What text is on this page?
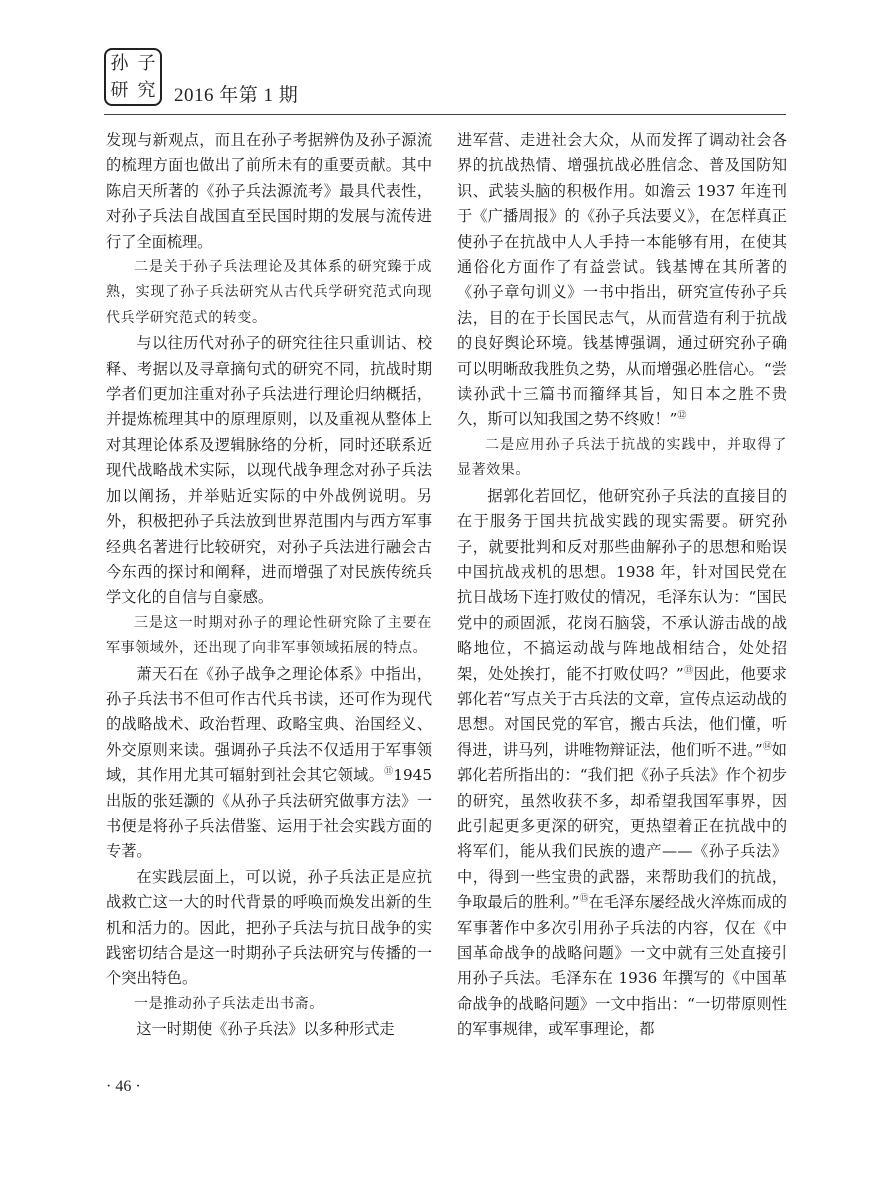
孙 子
研 究 2016 年第 1 期

发现与新观点，而且在孙子考据辨伪及孙子源流的梳理方面也做出了前所未有的重要贡献。其中陈启天所著的《孙子兵法源流考》最具代表性，对孙子兵法自战国直至民国时期的发展与流传进行了全面梳理。

二是关于孙子兵法理论及其体系的研究臻于成熟，实现了孙子兵法研究从古代兵学研究范式向现代兵学研究范式的转变。

与以往历代对孙子的研究往往只重训诂、校释、考据以及寻章摘句式的研究不同，抗战时期学者们更加注重对孙子兵法进行理论归纳概括，并提炼梳理其中的原理原则，以及重视从整体上对其理论体系及逻辑脉络的分析，同时还联系近现代战略战术实际，以现代战争理念对孙子兵法加以阐扬，并举贴近实际的中外战例说明。另外，积极把孙子兵法放到世界范围内与西方军事经典名著进行比较研究，对孙子兵法进行融会古今东西的探讨和阐释，进而增强了对民族传统兵学文化的自信与自豪感。

三是这一时期对孙子的理论性研究除了主要在军事领域外，还出现了向非军事领域拓展的特点。

萧天石在《孙子战争之理论体系》中指出，孙子兵法书不但可作古代兵书读，还可作为现代的战略战术、政治哲理、政略宝典、治国经义、外交原则来读。强调孙子兵法不仅适用于军事领域，其作用尤其可辐射到社会其它领域。⑪1945 出版的张廷灏的《从孙子兵法研究做事方法》一书便是将孙子兵法借鉴、运用于社会实践方面的专著。

在实践层面上，可以说，孙子兵法正是应抗战救亡这一大的时代背景的呼唤而焕发出新的生机和活力的。因此，把孙子兵法与抗日战争的实践密切结合是这一时期孙子兵法研究与传播的一个突出特色。

一是推动孙子兵法走出书斋。

这一时期使《孙子兵法》以多种形式走

进军营、走进社会大众，从而发挥了调动社会各界的抗战热情、增强抗战必胜信念、普及国防知识、武装头脑的积极作用。如澹云 1937 年连刊于《广播周报》的《孙子兵法要义》，在怎样真正使孙子在抗战中人人手持一本能够有用，在使其通俗化方面作了有益尝试。钱基博在其所著的《孙子章句训义》一书中指出，研究宣传孙子兵法，目的在于长国民志气，从而营造有利于抗战的良好舆论环境。钱基博强调，通过研究孙子确可以明晰敌我胜负之势，从而增强必胜信心。“尝读孙武十三篇书而籀绎其旨，知日本之胜不贵久，斯可以知我国之势不终败！”⑫

二是应用孙子兵法于抗战的实践中，并取得了显著效果。

据郭化若回忆，他研究孙子兵法的直接目的在于服务于国共抗战实践的现实需要。研究孙子，就要批判和反对那些曲解孙子的思想和贻误中国抗战戎机的思想。1938 年，针对国民党在抗日战场下连打败仗的情况，毛泽东认为：“国民党中的顽固派，花岗石脑袋，不承认游击战的战略地位，不搞运动战与阵地战相结合，处处招架，处处挨打，能不打败仗吗？”⑬因此，他要求郭化若“写点关于古兵法的文章，宣传点运动战的思想。对国民党的军官，搬古兵法，他们懂，听得进，讲马列，讲唯物辩证法，他们听不进。”⑭如郭化若所指出的：“我们把《孙子兵法》作个初步的研究，虽然收获不多，却希望我国军事界，因此引起更多更深的研究，更热望着正在抗战中的将军们，能从我们民族的遗产——《孙子兵法》中，得到一些宝贵的武器，来帮助我们的抗战，争取最后的胜利。”⑮在毛泽东屡经战火淬炼而成的军事著作中多次引用孙子兵法的内容，仅在《中国革命战争的战略问题》一文中就有三处直接引用孙子兵法。毛泽东在 1936 年撰写的《中国革命战争的战略问题》一文中指出：“一切带原则性的军事规律，或军事理论，都

· 46 ·
